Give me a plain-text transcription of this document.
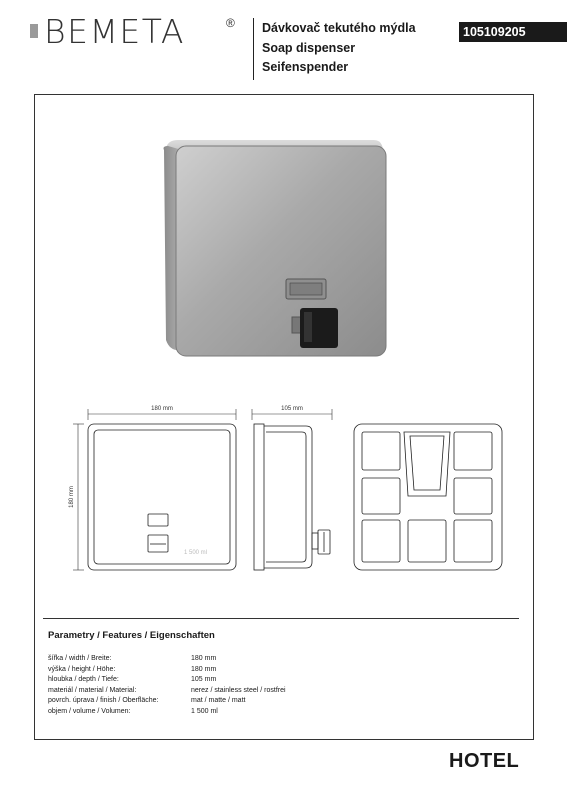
BEMETA	® Dávkovač tekutého mýdla
Soap dispenser
Seifenspender
105109205
1 500 ml
180 mm
180 mm
105 mm
Parametry / Features / Eigenschaften
šířka / width / Breite:	180 mm
výška / height / Höhe:	180 mm
hloubka / depth / Tiefe:	105 mm
materiál / material / Material:	nerez / stainless steel / rostfrei
povrch. úprava / finish / Oberfläche:	mat / matte / matt
objem / volume / Volumen:	1 500 ml
HOTEL
